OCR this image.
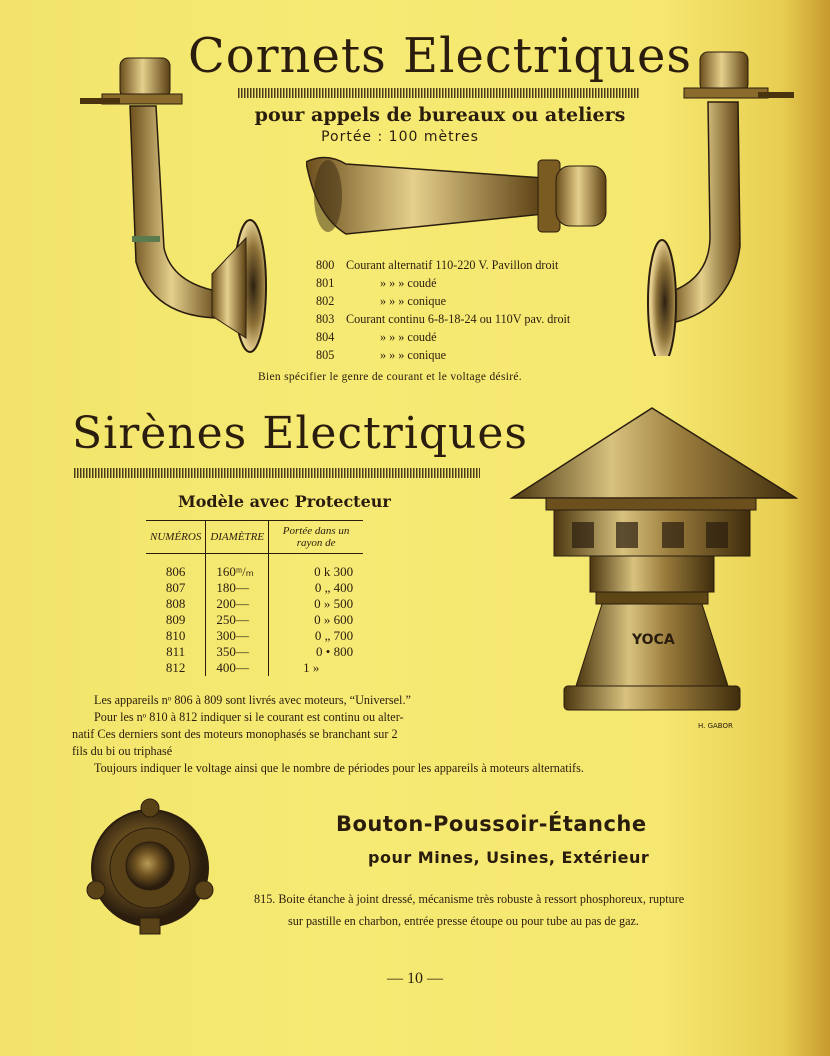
Cornets Electriques
pour appels de bureaux ou ateliers
Portée : 100 mètres
800 Courant alternatif 110-220 V. Pavillon droit
801	» » » coudé
802	» » » conique
803 Courant continu 6-8-18-24 ou 110V pav. droit
804	» » » coudé
805	» » » conique
Bien spécifier le genre de courant et le voltage désiré.
Sirènes Electriques
Modèle avec Protecteur
NUMÉROS	DIAMÈTRE	Portée dans un rayon de
806	160ᵐ/ₘ	0 k 300
807	180—	0 „ 400
808	200—	0 » 500
809	250—	0 » 600
810	300—	0 „ 700
811	350—	0 • 800
812	400—	1 »
YOCA
H. GABOR
Les appareils nᵒ 806 à 809 sont livrés avec moteurs, “Universel.”
Pour les nᵒ 810 à 812 indiquer si le courant est continu ou alter-
natif Ces derniers sont des moteurs monophasés se branchant sur 2
fils du bi ou triphasé
Toujours indiquer le voltage ainsi que le nombre de périodes pour les appareils à moteurs alternatifs.
Bouton-Poussoir-Étanche
pour Mines, Usines, Extérieur
815. Boite étanche à joint dressé, mécanisme très robuste à ressort phosphoreux, rupture
sur pastille en charbon, entrée presse étoupe ou pour tube au pas de gaz.
— 10 —
